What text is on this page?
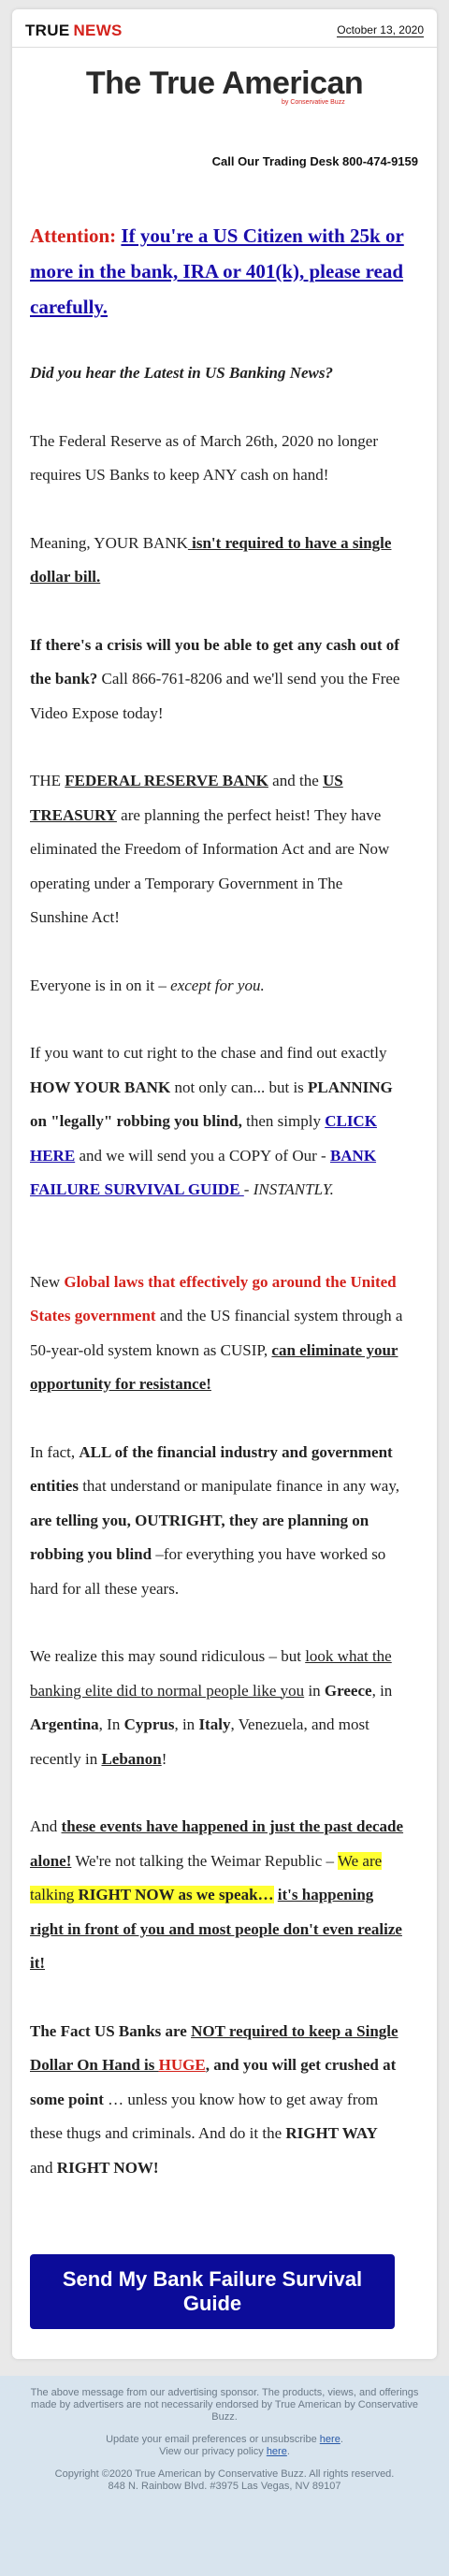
TRUE NEWS	October 13, 2020
The True American
by Conservative Buzz
Call Our Trading Desk 800-474-9159

Attention: If you're a US Citizen with 25k or more in the bank, IRA or 401(k), please read carefully.

Did you hear the Latest in US Banking News?

The Federal Reserve as of March 26th, 2020 no longer requires US Banks to keep ANY cash on hand!

Meaning, YOUR BANK isn't required to have a single dollar bill.

If there's a crisis will you be able to get any cash out of the bank? Call 866-761-8206 and we'll send you the Free Video Expose today!

THE FEDERAL RESERVE BANK and the US TREASURY are planning the perfect heist! They have eliminated the Freedom of Information Act and are Now operating under a Temporary Government in The Sunshine Act!

Everyone is in on it – except for you.

If you want to cut right to the chase and find out exactly HOW YOUR BANK not only can... but is PLANNING on "legally" robbing you blind, then simply CLICK HERE and we will send you a COPY of Our - BANK FAILURE SURVIVAL GUIDE - INSTANTLY.

New Global laws that effectively go around the United States government and the US financial system through a 50-year-old system known as CUSIP, can eliminate your opportunity for resistance!

In fact, ALL of the financial industry and government entities that understand or manipulate finance in any way, are telling you, OUTRIGHT, they are planning on robbing you blind –for everything you have worked so hard for all these years.

We realize this may sound ridiculous – but look what the banking elite did to normal people like you in Greece, in Argentina, In Cyprus, in Italy, Venezuela, and most recently in Lebanon!

And these events have happened in just the past decade alone! We're not talking the Weimar Republic – We are talking RIGHT NOW as we speak… it's happening right in front of you and most people don't even realize it!

The Fact US Banks are NOT required to keep a Single Dollar On Hand is HUGE, and you will get crushed at some point … unless you know how to get away from these thugs and criminals. And do it the RIGHT WAY and RIGHT NOW!

Send My Bank Failure Survival Guide

The above message from our advertising sponsor. The products, views, and offerings made by advertisers are not necessarily endorsed by True American by Conservative Buzz.

Update your email preferences or unsubscribe here.

View our privacy policy here.

Copyright ©2020 True American by Conservative Buzz. All rights reserved.

848 N. Rainbow Blvd. #3975 Las Vegas, NV 89107
